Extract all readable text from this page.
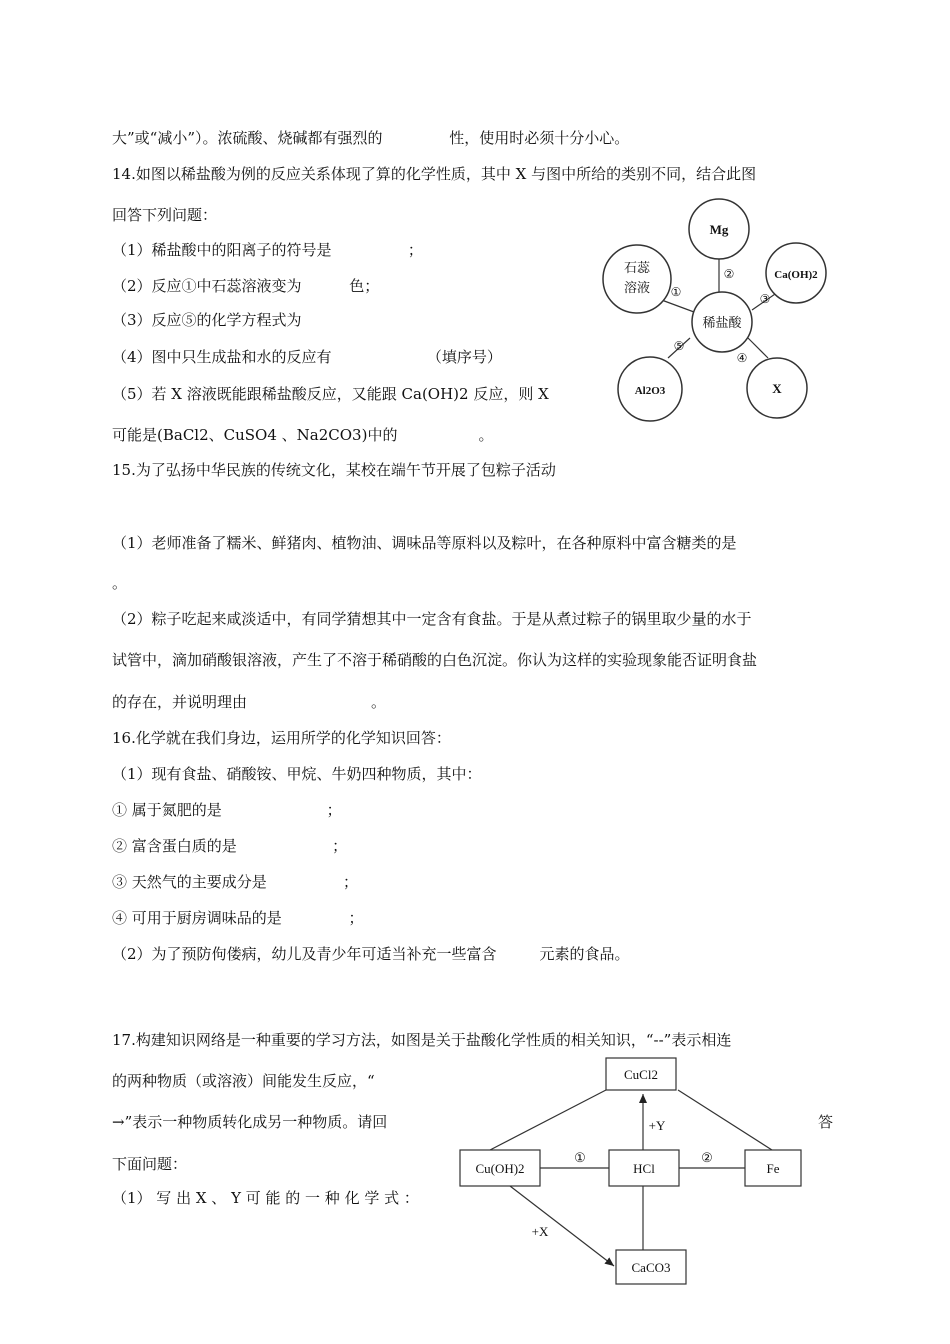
大”或“减小”）。浓硫酸、烧碱都有强烈的              性，使用时必须十分小心。
14.如图以稀盐酸为例的反应关系体现了算的化学性质，其中 X 与图中所给的类别不同，结合此图
回答下列问题：
（1）稀盐酸中的阳离子的符号是                ；
（2）反应①中石蕊溶液变为          色；
（3）反应⑤的化学方程式为
（4）图中只生成盐和水的反应有                    （填序号）
（5）若 X 溶液既能跟稀盐酸反应，又能跟 Ca(OH)2 反应，则 X
可能是(BaCl2、CuSO4 、Na2CO3)中的                 。
15.为了弘扬中华民族的传统文化，某校在端午节开展了包粽子活动
（1）老师准备了糯米、鲜猪肉、植物油、调味品等原料以及粽叶，在各种原料中富含糖类的是
。
（2）粽子吃起来咸淡适中，有同学猜想其中一定含有食盐。于是从煮过粽子的锅里取少量的水于
试管中，滴加硝酸银溶液，产生了不溶于稀硝酸的白色沉淀。你认为这样的实验现象能否证明食盐
的存在，并说明理由                          。
16.化学就在我们身边，运用所学的化学知识回答：
（1）现有食盐、硝酸铵、甲烷、牛奶四种物质，其中：
① 属于氮肥的是                      ；
② 富含蛋白质的是                    ；
③ 天然气的主要成分是                ；
④ 可用于厨房调味品的是              ；
（2）为了预防佝偻病，幼儿及青少年可适当补充一些富含         元素的食品。
17.构建知识网络是一种重要的学习方法，如图是关于盐酸化学性质的相关知识，“--”表示相连
的两种物质（或溶液）间能发生反应，“
→”表示一种物质转化成另一种物质。请回	答
下面问题：
（1） 写 出 X 、 Y 可 能 的 一 种 化 学 式 ：
Mg
石蕊
溶液
Ca(OH)2
稀盐酸
Al2O3	X
①
②
③
④
⑤
CuCl2
Cu(OH)2	HCl	Fe
CaCO3
+Y
+X
①	②
